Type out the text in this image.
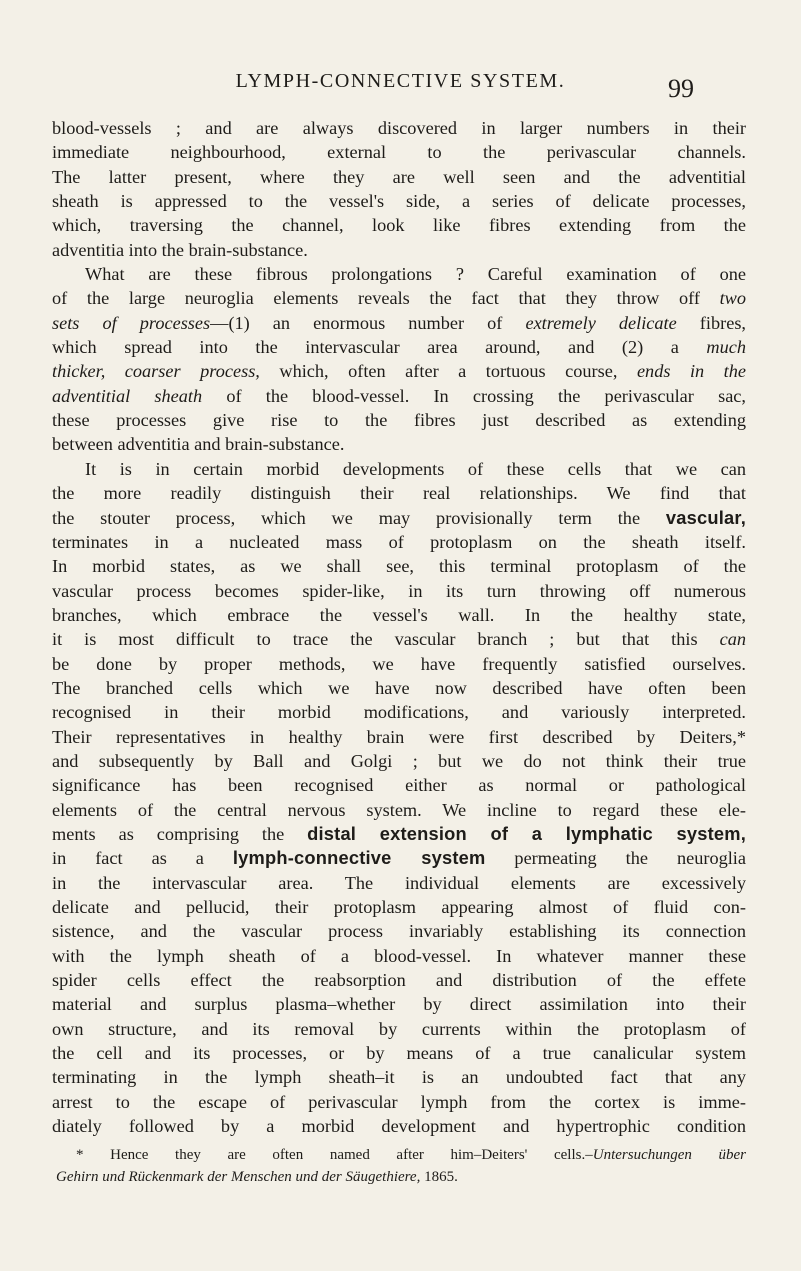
LYMPH-CONNECTIVE SYSTEM.	99
blood-vessels ; and are always discovered in larger numbers in their
immediate neighbourhood, external to the perivascular channels.
The latter present, where they are well seen and the adventitial
sheath is appressed to the vessel's side, a series of delicate processes,
which, traversing the channel, look like fibres extending from the
adventitia into the brain-substance.
What are these fibrous prolongations ? Careful examination of one
of the large neuroglia elements reveals the fact that they throw off two
sets of processes—(1) an enormous number of extremely delicate fibres,
which spread into the intervascular area around, and (2) a much
thicker, coarser process, which, often after a tortuous course, ends in the
adventitial sheath of the blood-vessel. In crossing the perivascular sac,
these processes give rise to the fibres just described as extending
between adventitia and brain-substance.
It is in certain morbid developments of these cells that we can
the more readily distinguish their real relationships. We find that
the stouter process, which we may provisionally term the vascular,
terminates in a nucleated mass of protoplasm on the sheath itself.
In morbid states, as we shall see, this terminal protoplasm of the
vascular process becomes spider-like, in its turn throwing off numerous
branches, which embrace the vessel's wall. In the healthy state,
it is most difficult to trace the vascular branch ; but that this can
be done by proper methods, we have frequently satisfied ourselves.
The branched cells which we have now described have often been
recognised in their morbid modifications, and variously interpreted.
Their representatives in healthy brain were first described by Deiters,*
and subsequently by Ball and Golgi ; but we do not think their true
significance has been recognised either as normal or pathological
elements of the central nervous system. We incline to regard these ele-
ments as comprising the distal extension of a lymphatic system,
in fact as a lymph-connective system permeating the neuroglia
in the intervascular area. The individual elements are excessively
delicate and pellucid, their protoplasm appearing almost of fluid con-
sistence, and the vascular process invariably establishing its connection
with the lymph sheath of a blood-vessel. In whatever manner these
spider cells effect the reabsorption and distribution of the effete
material and surplus plasma–whether by direct assimilation into their
own structure, and its removal by currents within the protoplasm of
the cell and its processes, or by means of a true canalicular system
terminating in the lymph sheath–it is an undoubted fact that any
arrest to the escape of perivascular lymph from the cortex is imme-
diately followed by a morbid development and hypertrophic condition
* Hence they are often named after him–Deiters' cells.–Untersuchungen über
Gehirn und Rückenmark der Menschen und der Säugethiere, 1865.
